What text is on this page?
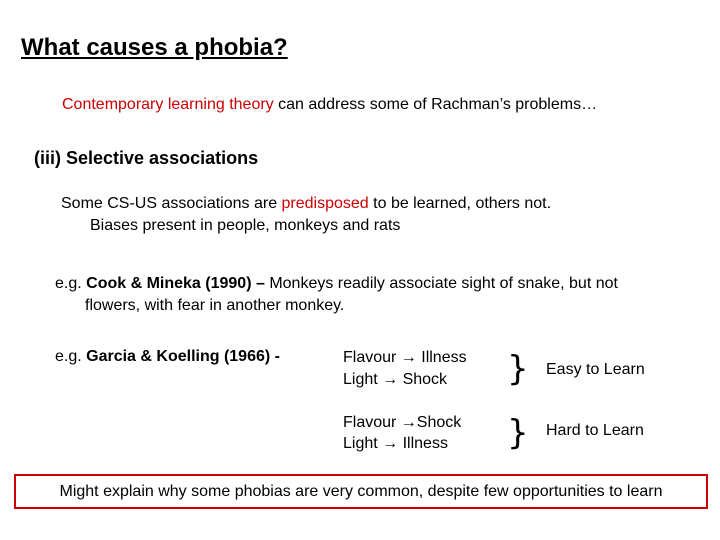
What causes a phobia?
Contemporary learning theory can address some of Rachman’s problems…
(iii) Selective associations
Some CS-US associations are predisposed to be learned, others not.
Biases present in people, monkeys and rats
e.g. Cook & Mineka (1990) – Monkeys readily associate sight of snake, but not
flowers, with fear in another monkey.
e.g. Garcia & Koelling (1966) -	Flavour → Illness
Light → Shock } Easy to Learn
Flavour →Shock
Light → Illness } Hard to Learn
Might explain why some phobias are very common, despite few opportunities to learn
